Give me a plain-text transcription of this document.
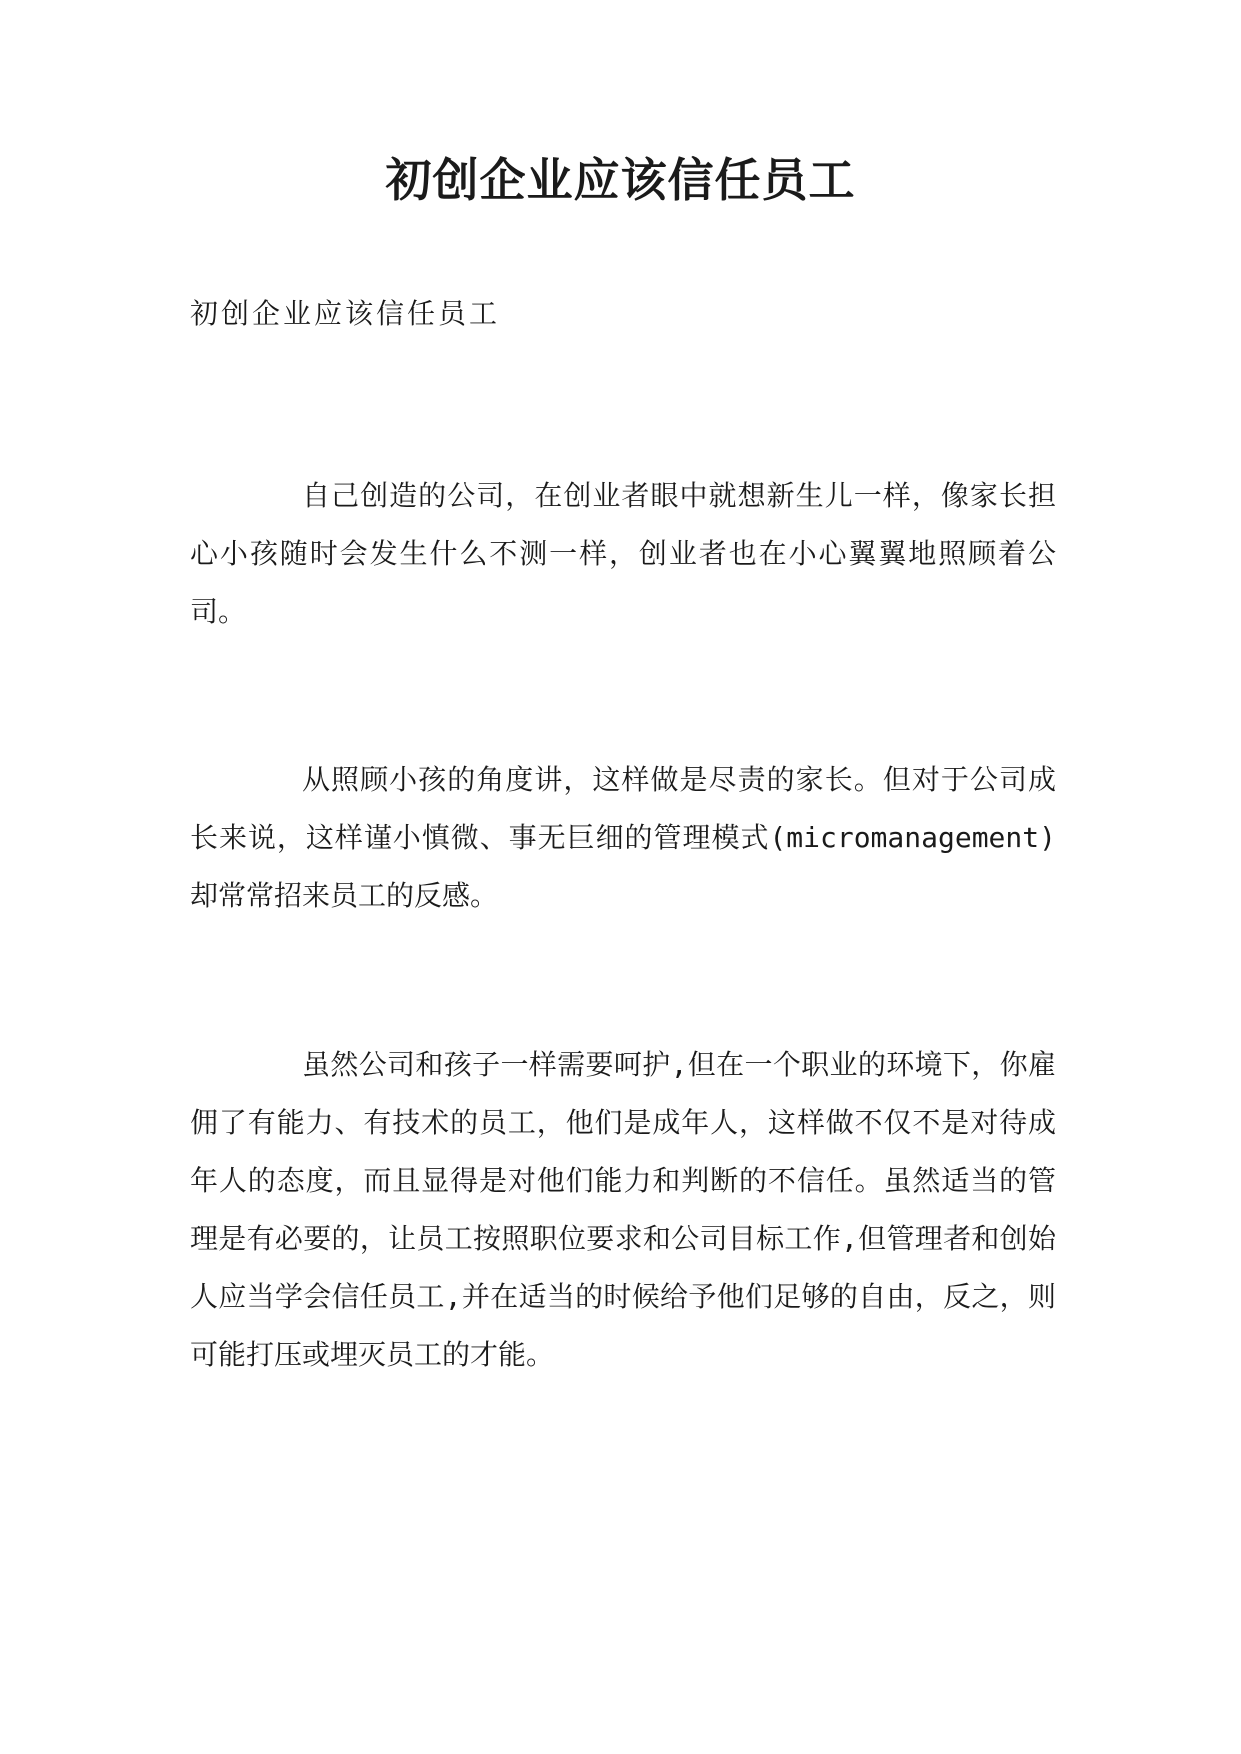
初创企业应该信任员工

初创企业应该信任员工

自己创造的公司，在创业者眼中就想新生儿一样，像家长担心小孩随时会发生什么不测一样，创业者也在小心翼翼地照顾着公司。

从照顾小孩的角度讲，这样做是尽责的家长。但对于公司成长来说，这样谨小慎微、事无巨细的管理模式(micromanagement)却常常招来员工的反感。

虽然公司和孩子一样需要呵护,但在一个职业的环境下，你雇佣了有能力、有技术的员工，他们是成年人，这样做不仅不是对待成年人的态度，而且显得是对他们能力和判断的不信任。虽然适当的管理是有必要的，让员工按照职位要求和公司目标工作,但管理者和创始人应当学会信任员工,并在适当的时候给予他们足够的自由，反之，则可能打压或埋灭员工的才能。
